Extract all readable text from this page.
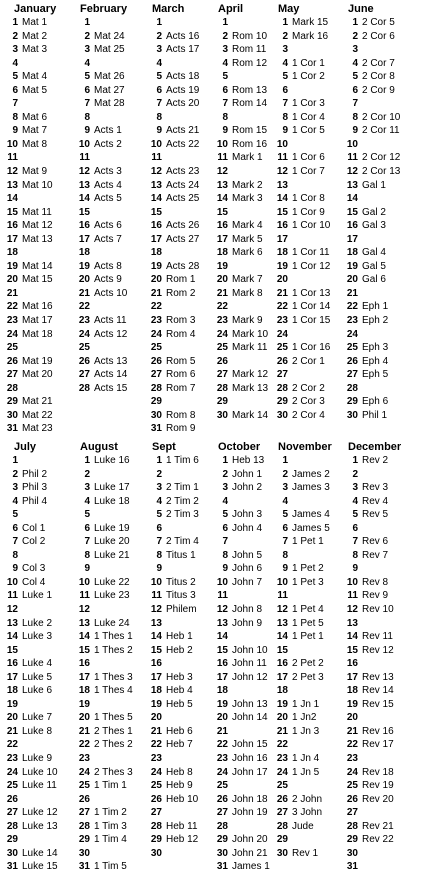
January
1 Mat 1
2 Mat 2
3 Mat 3
4
5 Mat 4
6 Mat 5
7
8 Mat 6
9 Mat 7
10 Mat 8
11
12 Mat 9
13 Mat 10
14
15 Mat 11
16 Mat 12
17 Mat 13
18
19 Mat 14
20 Mat 15
21
22 Mat 16
23 Mat 17
24 Mat 18
25
26 Mat 19
27 Mat 20
28
29 Mat 21
30 Mat 22
31 Mat 23
February
1
2 Mat 24
3 Mat 25
4
5 Mat 26
6 Mat 27
7 Mat 28
8
9 Acts 1
10 Acts 2
11
12 Acts 3
13 Acts 4
14 Acts 5
15
16 Acts 6
17 Acts 7
18
19 Acts 8
20 Acts 9
21 Acts 10
22
23 Acts 11
24 Acts 12
25
26 Acts 13
27 Acts 14
28 Acts 15
March
1
2 Acts 16
3 Acts 17
4
5 Acts 18
6 Acts 19
7 Acts 20
8
9 Acts 21
10 Acts 22
11
12 Acts 23
13 Acts 24
14 Acts 25
15
16 Acts 26
17 Acts 27
18
19 Acts 28
20 Rom 1
21 Rom 2
22
23 Rom 3
24 Rom 4
25
26 Rom 5
27 Rom 6
28 Rom 7
29
30 Rom 8
31 Rom 9
April
1
2 Rom 10
3 Rom 11
4 Rom 12
5
6 Rom 13
7 Rom 14
8
9 Rom 15
10 Rom 16
11 Mark 1
12
13 Mark 2
14 Mark 3
15
16 Mark 4
17 Mark 5
18 Mark 6
19
20 Mark 7
21 Mark 8
22
23 Mark 9
24 Mark 10
25 Mark 11
26
27 Mark 12
28 Mark 13
29
30 Mark 14
May
1 Mark 15
2 Mark 16
3
4 1 Cor 1
5 1 Cor 2
6
7 1 Cor 3
8 1 Cor 4
9 1 Cor 5
10
11 1 Cor 6
12 1 Cor 7
13
14 1 Cor 8
15 1 Cor 9
16 1 Cor 10
17
18 1 Cor 11
19 1 Cor 12
20
21 1 Cor 13
22 1 Cor 14
23 1 Cor 15
24
25 1 Cor 16
26 2 Cor 1
27
28 2 Cor 2
29 2 Cor 3
30 2 Cor 4
June
1 2 Cor 5
2 2 Cor 6
3
4 2 Cor 7
5 2 Cor 8
6 2 Cor 9
7
8 2 Cor 10
9 2 Cor 11
10
11 2 Cor 12
12 2 Cor 13
13 Gal 1
14
15 Gal 2
16 Gal 3
17
18 Gal 4
19 Gal 5
20 Gal 6
21
22 Eph 1
23 Eph 2
24
25 Eph 3
26 Eph 4
27 Eph 5
28
29 Eph 6
30 Phil 1
July
1
2 Phil 2
3 Phil 3
4 Phil 4
5
6 Col 1
7 Col 2
8
9 Col 3
10 Col 4
11 Luke 1
12
13 Luke 2
14 Luke 3
15
16 Luke 4
17 Luke 5
18 Luke 6
19
20 Luke 7
21 Luke 8
22
23 Luke 9
24 Luke 10
25 Luke 11
26
27 Luke 12
28 Luke 13
29
30 Luke 14
31 Luke 15
August
1 Luke 16
2
3 Luke 17
4 Luke 18
5
6 Luke 19
7 Luke 20
8 Luke 21
9
10 Luke 22
11 Luke 23
12
13 Luke 24
14 1 Thes 1
15 1 Thes 2
16
17 1 Thes 3
18 1 Thes 4
19
20 1 Thes 5
21 2 Thes 1
22 2 Thes 2
23
24 2 Thes 3
25 1 Tim 1
26
27 1 Tim 2
28 1 Tim 3
29 1 Tim 4
30
31 1 Tim 5
Sept
1 1 Tim 6
2
3 2 Tim 1
4 2 Tim 2
5 2 Tim 3
6
7 2 Tim 4
8 Titus 1
9
10 Titus 2
11 Titus 3
12 Philem
13
14 Heb 1
15 Heb 2
16
17 Heb 3
18 Heb 4
19 Heb 5
20
21 Heb 6
22 Heb 7
23
24 Heb 8
25 Heb 9
26 Heb 10
27
28 Heb 11
29 Heb 12
30
October
1 Heb 13
2 John 1
3 John 2
4
5 John 3
6 John 4
7
8 John 5
9 John 6
10 John 7
11
12 John 8
13 John 9
14
15 John 10
16 John 11
17 John 12
18
19 John 13
20 John 14
21
22 John 15
23 John 16
24 John 17
25
26 John 18
27 John 19
28
29 John 20
30 John 21
31 James 1
November
1
2 James 2
3 James 3
4
5 James 4
6 James 5
7 1 Pet 1
8
9 1 Pet 2
10 1 Pet 3
11
12 1 Pet 4
13 1 Pet 5
14 1 Pet 1
15
16 2 Pet 2
17 2 Pet 3
18
19 1 Jn 1
20 1 Jn2
21 1 Jn 3
22
23 1 Jn 4
24 1 Jn 5
25
26 2 John
27 3 John
28 Jude
29
30 Rev 1
December
1 Rev 2
2
3 Rev 3
4 Rev 4
5 Rev 5
6
7 Rev 6
8 Rev 7
9
10 Rev 8
11 Rev 9
12 Rev 10
13
14 Rev 11
15 Rev 12
16
17 Rev 13
18 Rev 14
19 Rev 15
20
21 Rev 16
22 Rev 17
23
24 Rev 18
25 Rev 19
26 Rev 20
27
28 Rev 21
29 Rev 22
30
31
